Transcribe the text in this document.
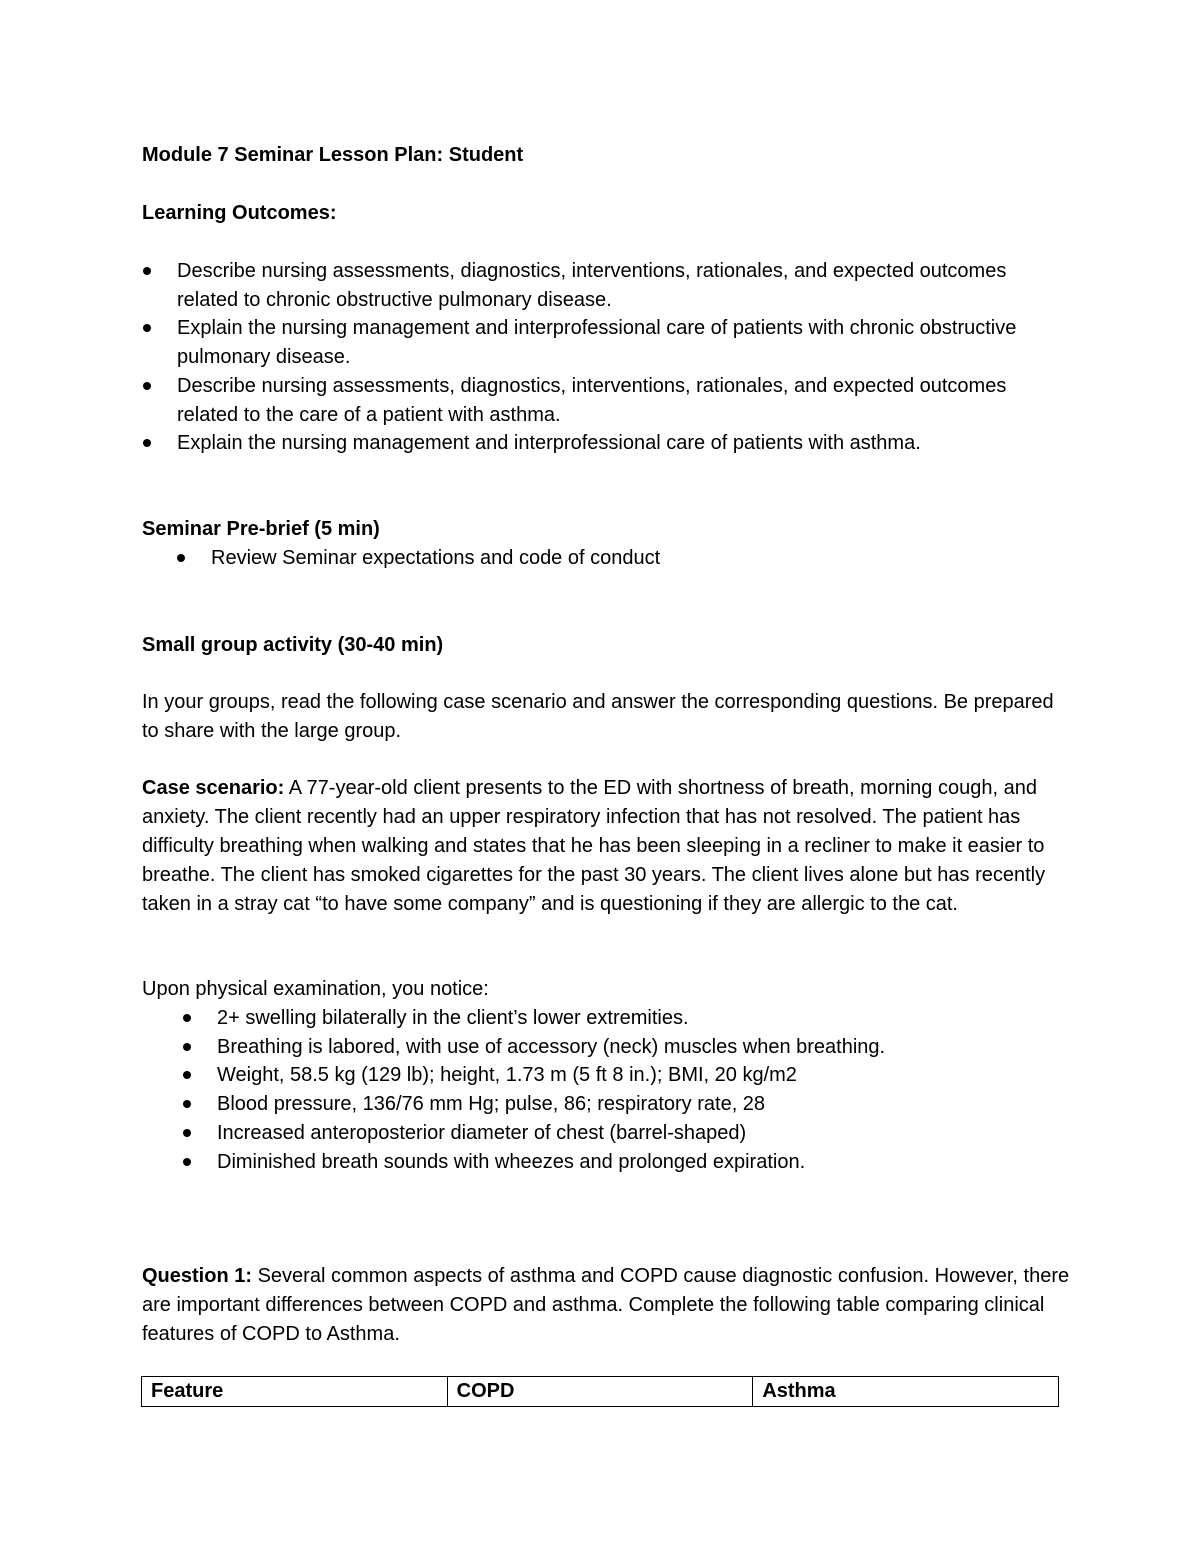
Module 7 Seminar Lesson Plan: Student

Learning Outcomes:

Describe nursing assessments, diagnostics, interventions, rationales, and expected outcomes related to chronic obstructive pulmonary disease.
Explain the nursing management and interprofessional care of patients with chronic obstructive pulmonary disease.
Describe nursing assessments, diagnostics, interventions, rationales, and expected outcomes related to the care of a patient with asthma.
Explain the nursing management and interprofessional care of patients with asthma.

Seminar Pre-brief (5 min)

Review Seminar expectations and code of conduct

Small group activity (30-40 min)

In your groups, read the following case scenario and answer the corresponding questions. Be prepared to share with the large group.

Case scenario: A 77-year-old client presents to the ED with shortness of breath, morning cough, and anxiety. The client recently had an upper respiratory infection that has not resolved. The patient has difficulty breathing when walking and states that he has been sleeping in a recliner to make it easier to breathe. The client has smoked cigarettes for the past 30 years. The client lives alone but has recently taken in a stray cat “to have some company” and is questioning if they are allergic to the cat.

Upon physical examination, you notice:

2+ swelling bilaterally in the client’s lower extremities.
Breathing is labored, with use of accessory (neck) muscles when breathing.
Weight, 58.5 kg (129 lb); height, 1.73 m (5 ft 8 in.); BMI, 20 kg/m2
Blood pressure, 136/76 mm Hg; pulse, 86; respiratory rate, 28
Increased anteroposterior diameter of chest (barrel-shaped)
Diminished breath sounds with wheezes and prolonged expiration.

Question 1: Several common aspects of asthma and COPD cause diagnostic confusion. However, there are important differences between COPD and asthma. Complete the following table comparing clinical features of COPD to Asthma.

Feature	COPD	Asthma
